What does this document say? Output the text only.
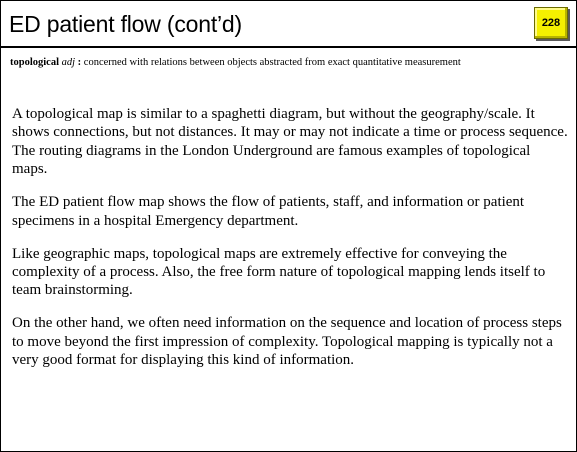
ED patient flow (cont’d)	228
topological adj : concerned with relations between objects abstracted from exact quantitative measurement

A topological map is similar to a spaghetti diagram, but without the geography/scale. It shows connections, but not distances. It may or may not indicate a time or process sequence. The routing diagrams in the London Underground are famous examples of topological maps.

The ED patient flow map shows the flow of patients, staff, and information or patient specimens in a hospital Emergency department.

Like geographic maps, topological maps are extremely effective for conveying the complexity of a process. Also, the free form nature of topological mapping lends itself to team brainstorming.

On the other hand, we often need information on the sequence and location of process steps to move beyond the first impression of complexity. Topological mapping is typically not a very good format for displaying this kind of information.
